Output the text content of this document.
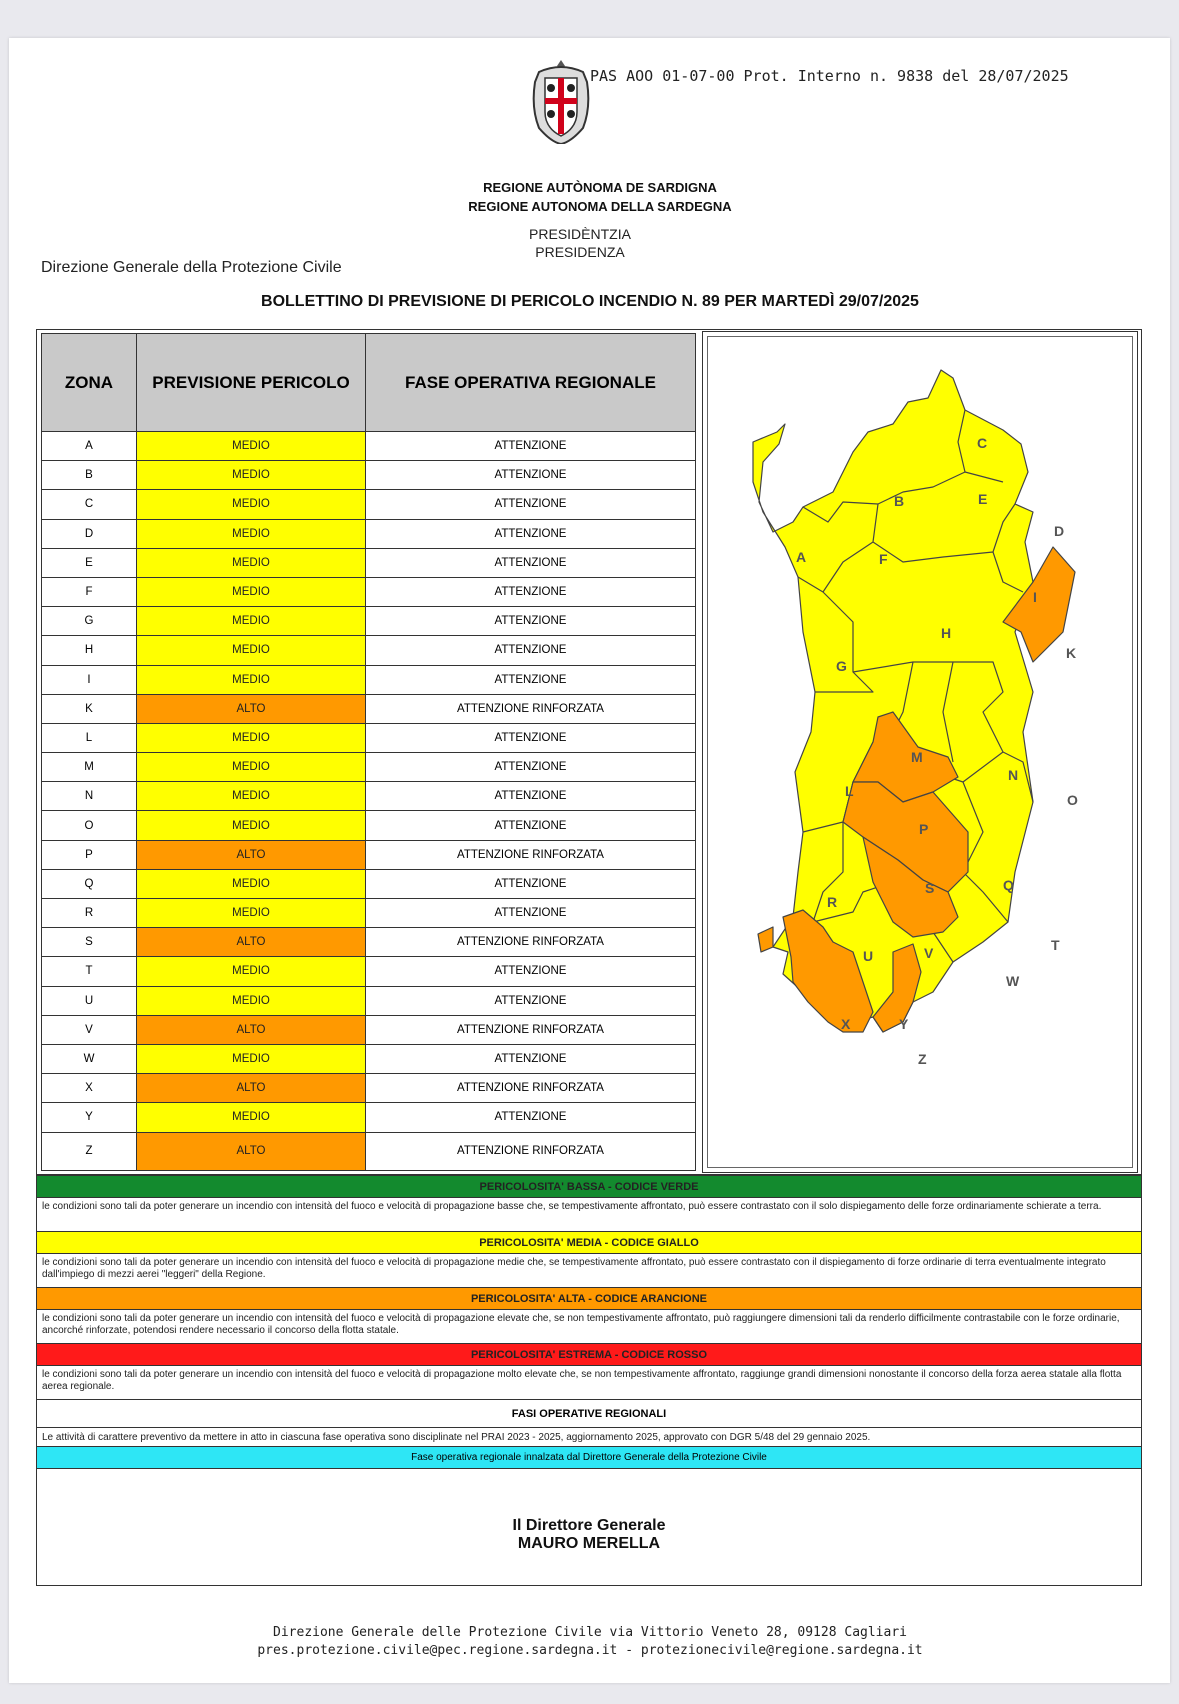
PAS AOO 01-07-00 Prot. Interno n. 9838 del 28/07/2025
REGIONE AUTÒNOMA DE SARDIGNA
REGIONE AUTONOMA DELLA SARDEGNA
PRESIDÈNTZIA
PRESIDENZA
Direzione Generale della Protezione Civile
BOLLETTINO DI PREVISIONE DI PERICOLO INCENDIO N. 89 PER MARTEDÌ 29/07/2025
ZONA	PREVISIONE PERICOLO	FASE OPERATIVA REGIONALE
A	MEDIO	ATTENZIONE
B	MEDIO	ATTENZIONE
C	MEDIO	ATTENZIONE
D	MEDIO	ATTENZIONE
E	MEDIO	ATTENZIONE
F	MEDIO	ATTENZIONE
G	MEDIO	ATTENZIONE
H	MEDIO	ATTENZIONE
I	MEDIO	ATTENZIONE
K	ALTO	ATTENZIONE RINFORZATA
L	MEDIO	ATTENZIONE
M	MEDIO	ATTENZIONE
N	MEDIO	ATTENZIONE
O	MEDIO	ATTENZIONE
P	ALTO	ATTENZIONE RINFORZATA
Q	MEDIO	ATTENZIONE
R	MEDIO	ATTENZIONE
S	ALTO	ATTENZIONE RINFORZATA
T	MEDIO	ATTENZIONE
U	MEDIO	ATTENZIONE
V	ALTO	ATTENZIONE RINFORZATA
W	MEDIO	ATTENZIONE
X	ALTO	ATTENZIONE RINFORZATA
Y	MEDIO	ATTENZIONE
Z	ALTO	ATTENZIONE RINFORZATA
A
B
C
D
E
F
G
H
I
K
L
M
N
O
P
Q
R
S
T
U	V
W
X	Y
Z
PERICOLOSITA' BASSA - CODICE VERDE
le condizioni sono tali da poter generare un incendio con intensità del fuoco e velocità di propagazione basse che, se tempestivamente affrontato, può essere contrastato con il solo dispiegamento delle forze ordinariamente schierate a terra.
PERICOLOSITA' MEDIA - CODICE GIALLO
le condizioni sono tali da poter generare un incendio con intensità del fuoco e velocità di propagazione medie che, se tempestivamente affrontato, può essere contrastato con il dispiegamento di forze ordinarie di terra eventualmente integrato dall'impiego di mezzi aerei "leggeri" della Regione.
PERICOLOSITA' ALTA - CODICE ARANCIONE
le condizioni sono tali da poter generare un incendio con intensità del fuoco e velocità di propagazione elevate che, se non tempestivamente affrontato, può raggiungere dimensioni tali da renderlo difficilmente contrastabile con le forze ordinarie, ancorché rinforzate, potendosi rendere necessario il concorso della flotta statale.
PERICOLOSITA' ESTREMA - CODICE ROSSO
le condizioni sono tali da poter generare un incendio con intensità del fuoco e velocità di propagazione molto elevate che, se non tempestivamente affrontato, raggiunge grandi dimensioni nonostante il concorso della forza aerea statale alla flotta aerea regionale.
FASI OPERATIVE REGIONALI
Le attività di carattere preventivo da mettere in atto in ciascuna fase operativa sono disciplinate nel PRAI 2023 - 2025, aggiornamento 2025, approvato con DGR 5/48 del 29 gennaio 2025.
Fase operativa regionale innalzata dal Direttore Generale della Protezione Civile
Il Direttore Generale
MAURO MERELLA
Direzione Generale delle Protezione Civile via Vittorio Veneto 28, 09128 Cagliari
pres.protezione.civile@pec.regione.sardegna.it - protezionecivile@regione.sardegna.it
